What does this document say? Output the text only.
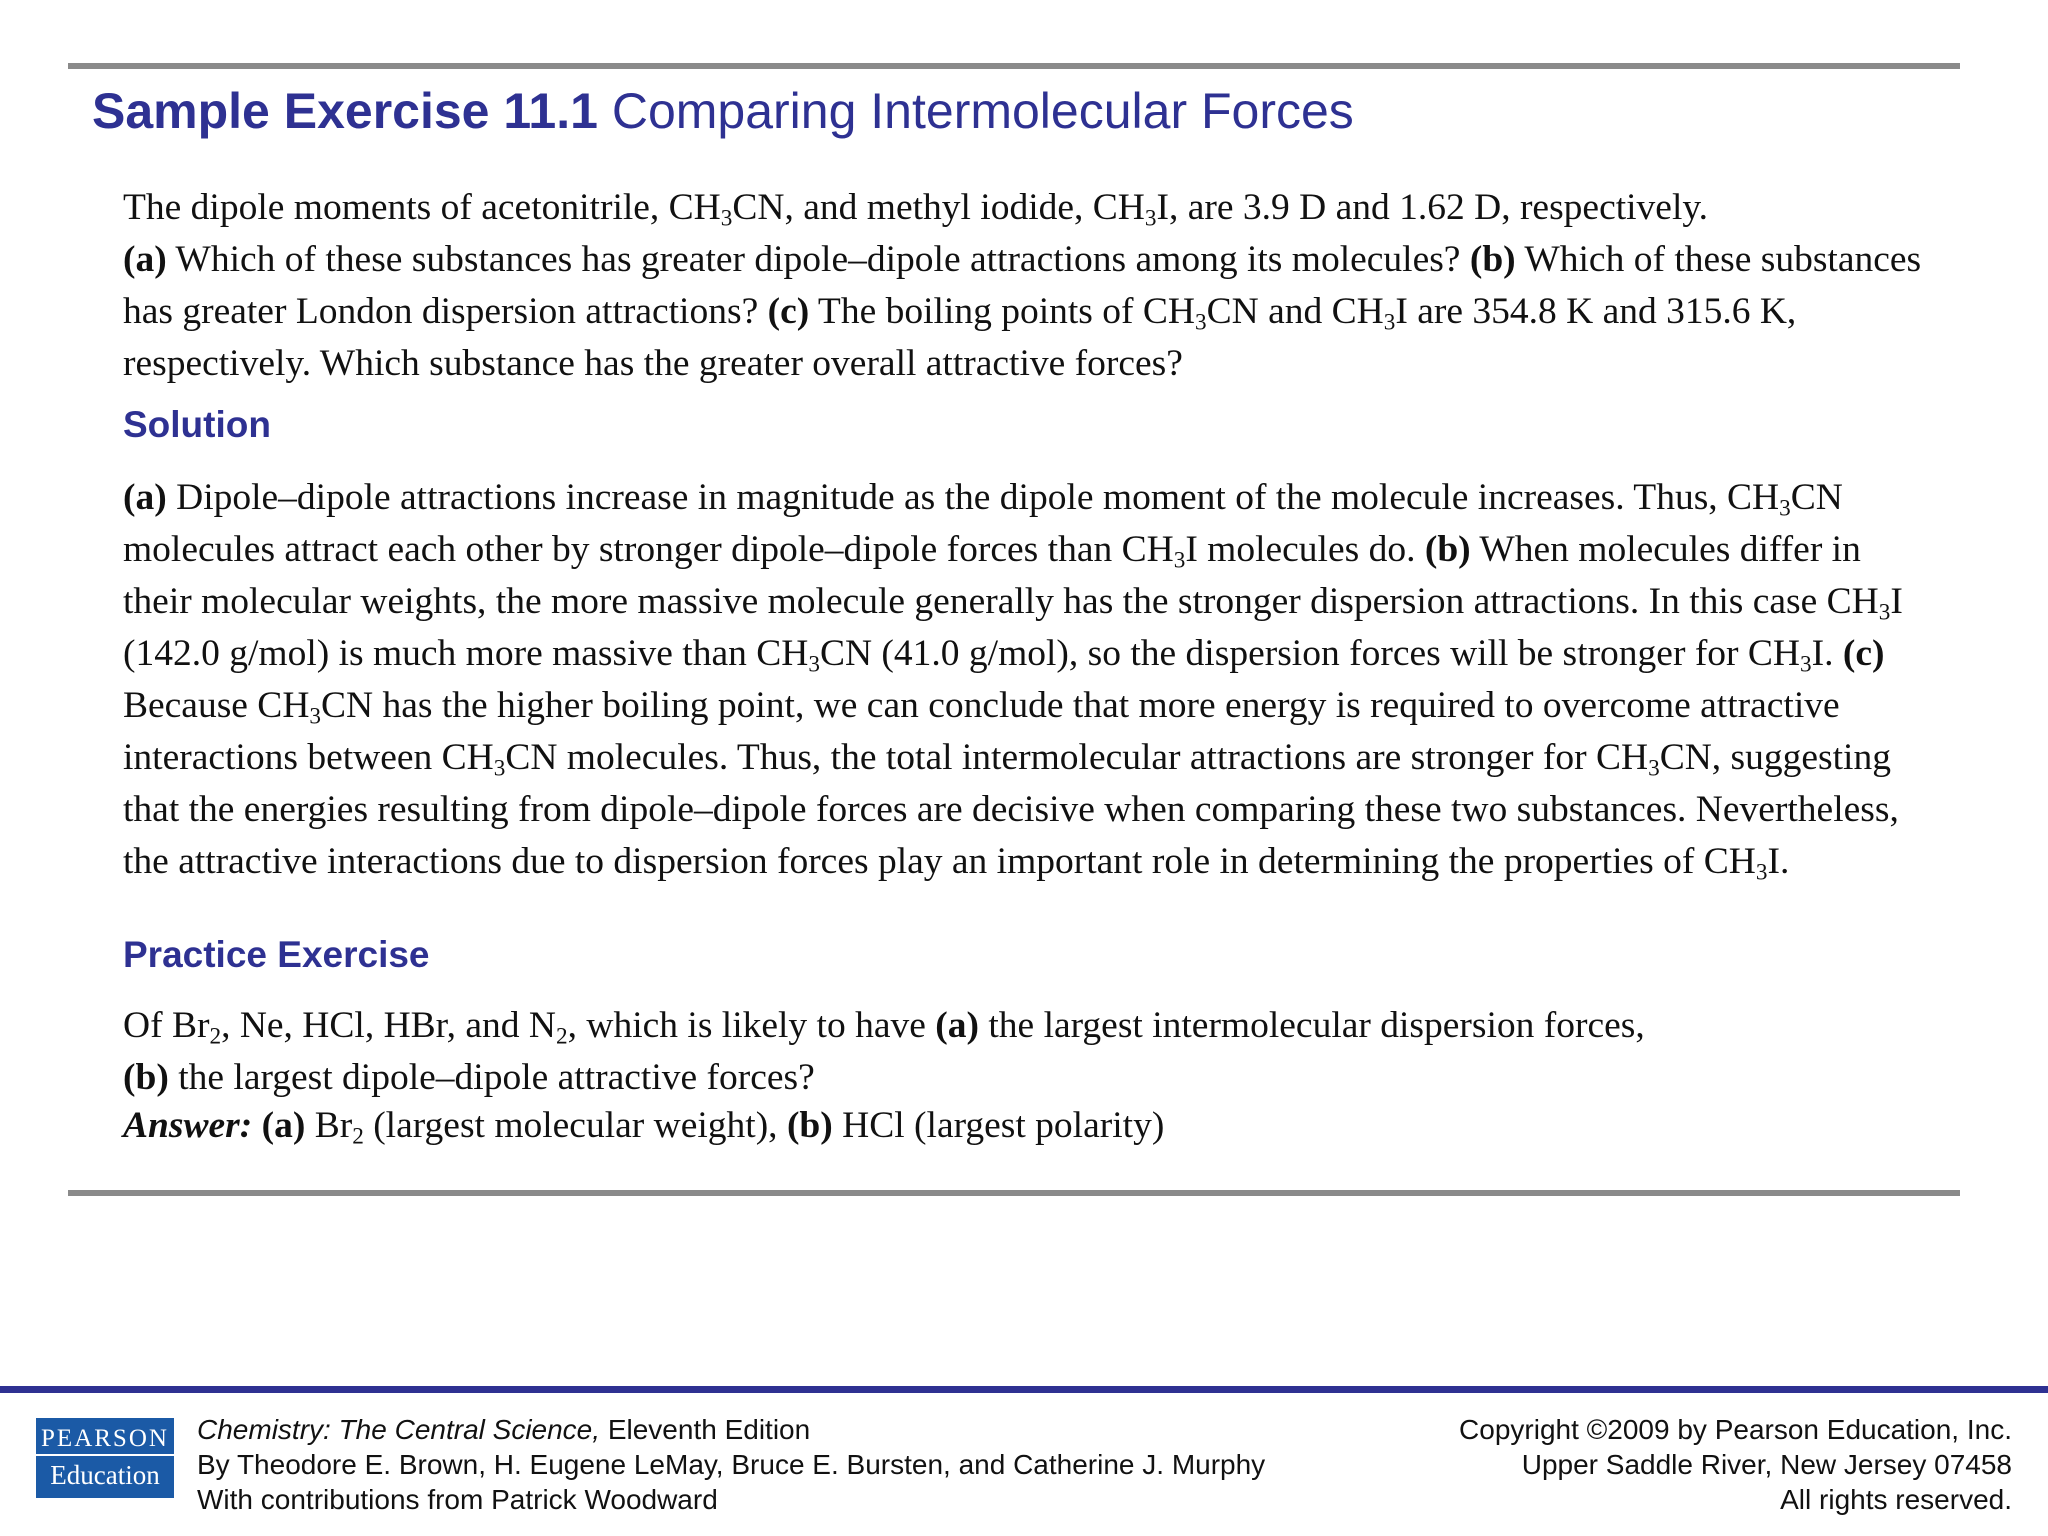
Sample Exercise 11.1 Comparing Intermolecular Forces
The dipole moments of acetonitrile, $CH_3CN$, and methyl iodide, $CH_3I$, are 3.9 D and 1.62 D, respectively.
(a) Which of these substances has greater dipole–dipole attractions among its molecules? (b) Which of these substances has greater London dispersion attractions? (c) The boiling points of $CH_3CN$ and $CH_3I$ are 354.8 K and 315.6 K, respectively. Which substance has the greater overall attractive forces?
Solution
(a) Dipole–dipole attractions increase in magnitude as the dipole moment of the molecule increases. Thus, $CH_3CN$ molecules attract each other by stronger dipole–dipole forces than $CH_3I$ molecules do. (b) When molecules differ in their molecular weights, the more massive molecule generally has the stronger dispersion attractions. In this case $CH_3I$ (142.0 g/mol) is much more massive than $CH_3CN$ (41.0 g/mol), so the dispersion forces will be stronger for $CH_3I$. (c) Because $CH_3CN$ has the higher boiling point, we can conclude that more energy is required to overcome attractive interactions between $CH_3CN$ molecules. Thus, the total intermolecular attractions are stronger for $CH_3CN$, suggesting that the energies resulting from dipole–dipole forces are decisive when comparing these two substances. Nevertheless, the attractive interactions due to dispersion forces play an important role in determining the properties of $CH_3I$.
Practice Exercise
Of $Br_2$, Ne, HCl, HBr, and $N_2$, which is likely to have (a) the largest intermolecular dispersion forces,
(b) the largest dipole–dipole attractive forces?
Answer: (a) $Br_2$ (largest molecular weight), (b) HCl (largest polarity)
PEARSON
Education
Chemistry: The Central Science, Eleventh Edition
By Theodore E. Brown, H. Eugene LeMay, Bruce E. Bursten, and Catherine J. Murphy
With contributions from Patrick Woodward
Copyright ©2009 by Pearson Education, Inc.
Upper Saddle River, New Jersey 07458
All rights reserved.
